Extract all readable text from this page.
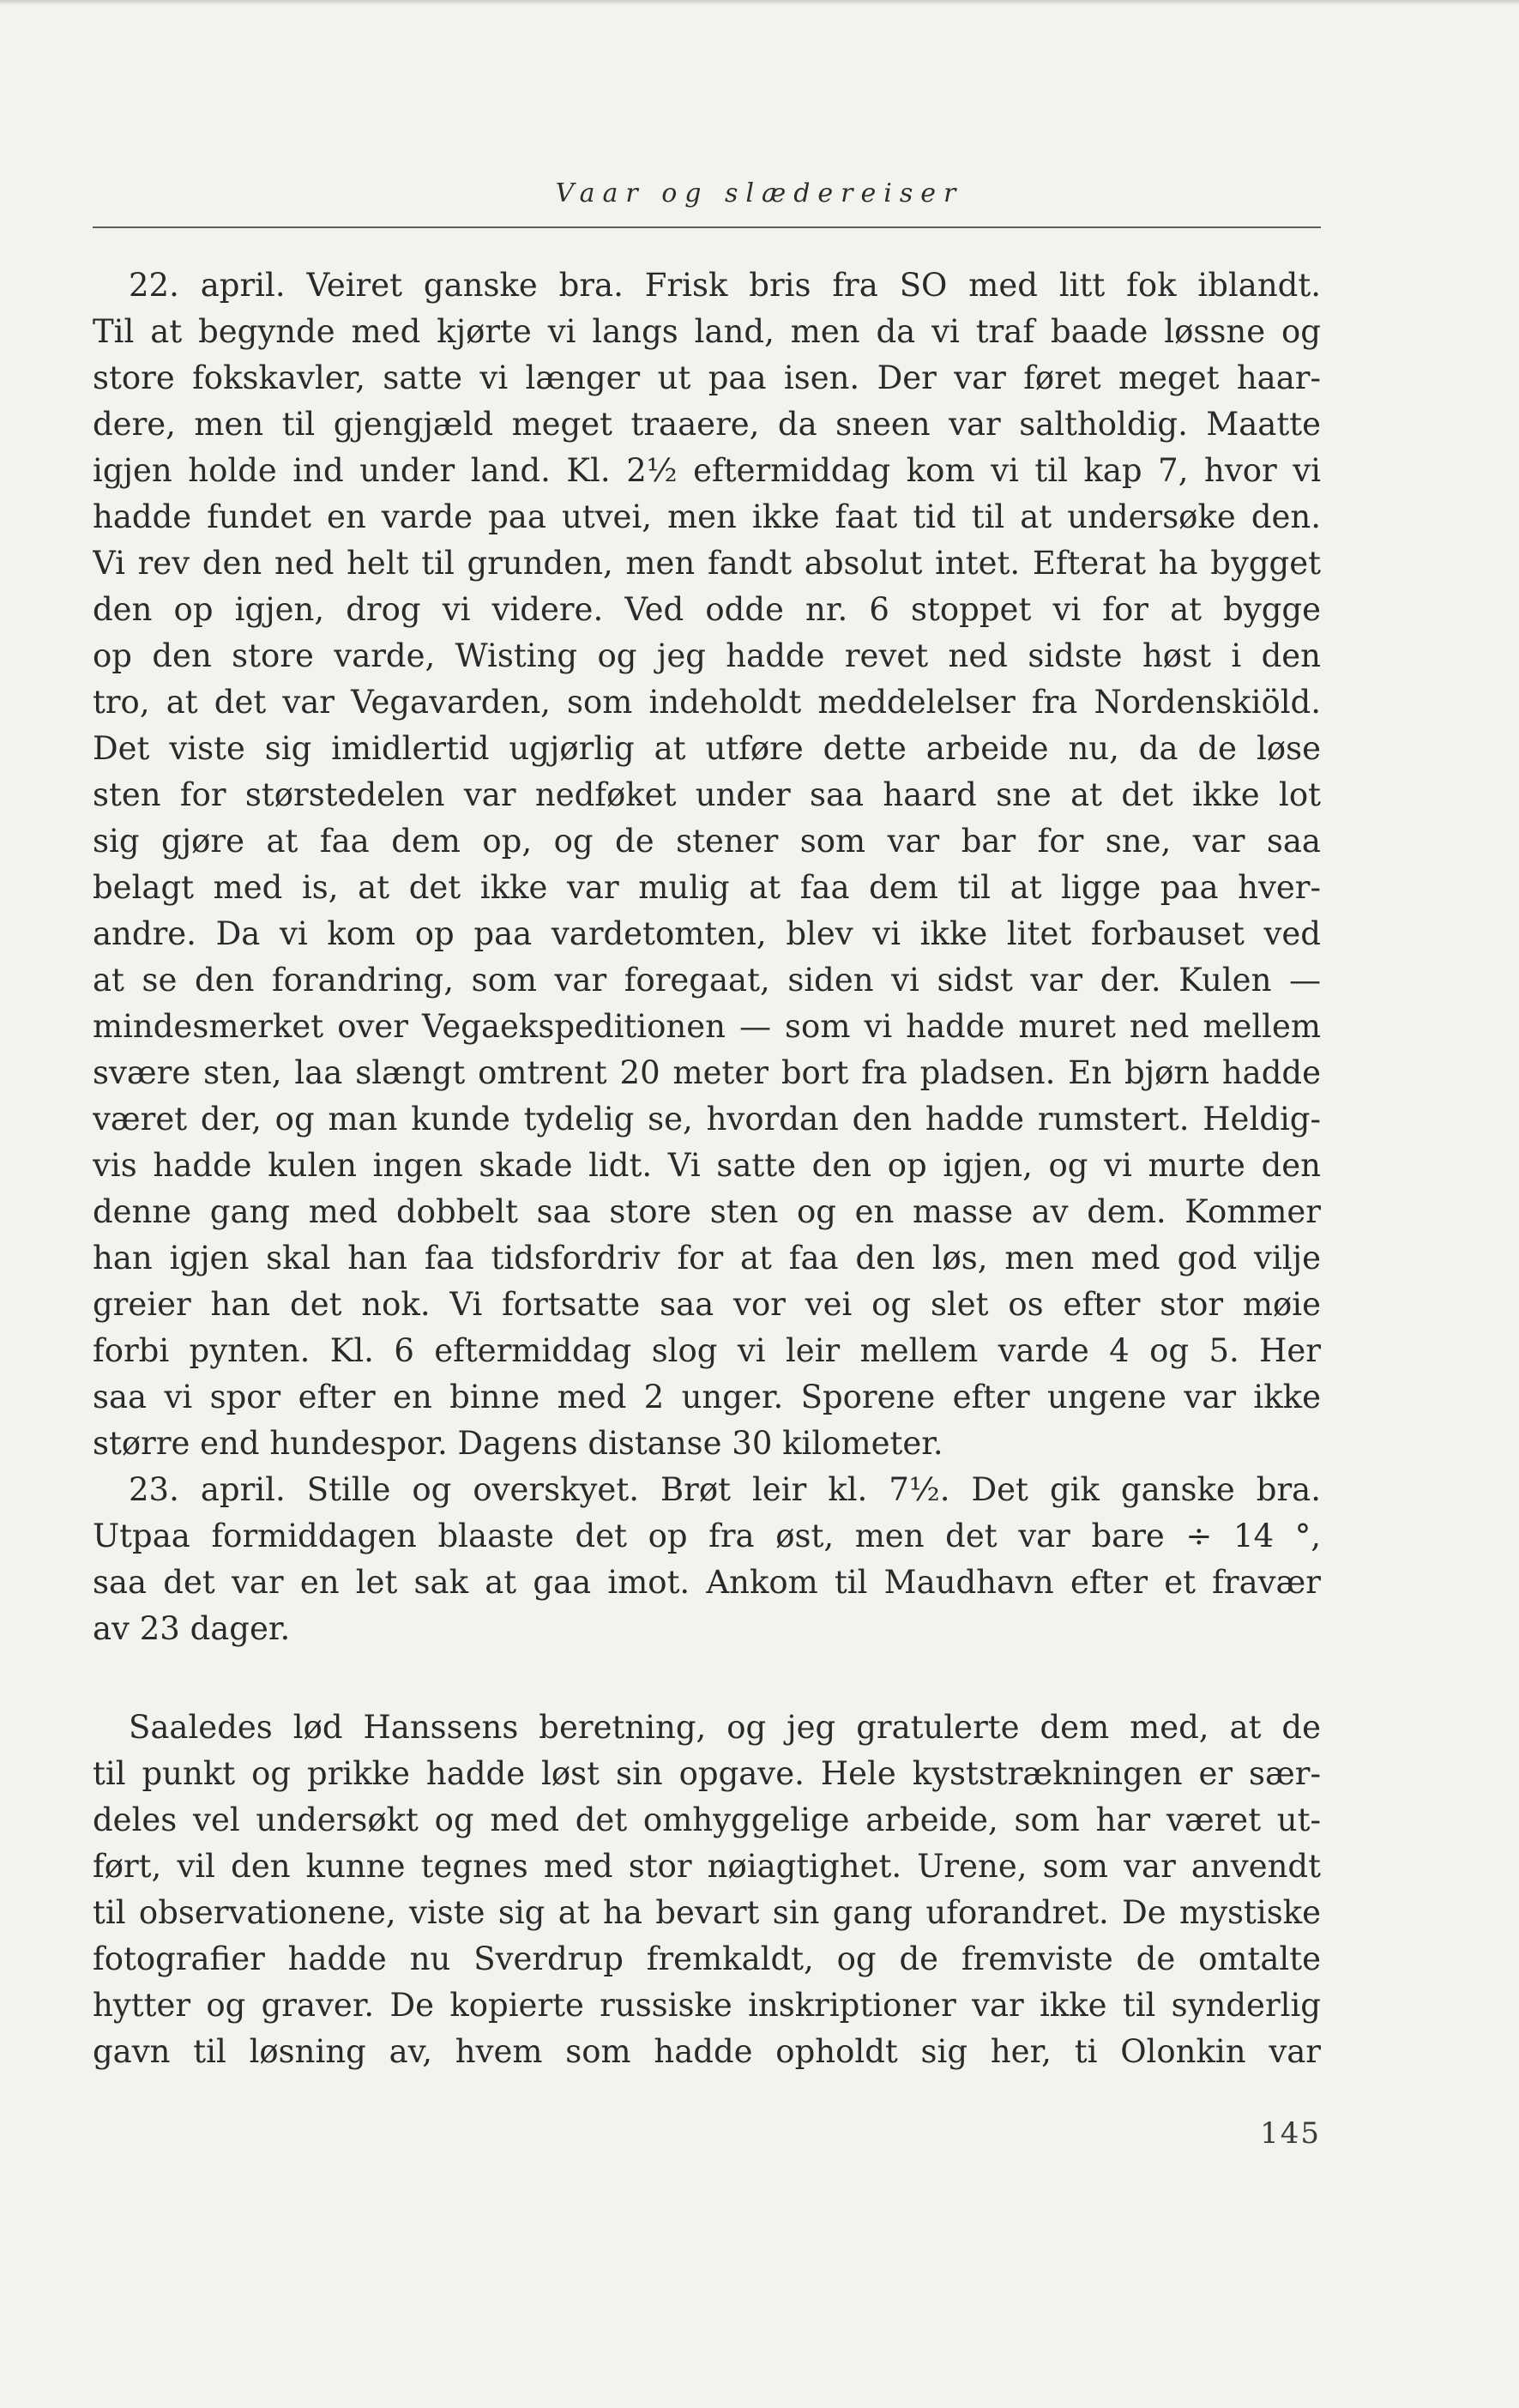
Vaar og slædereiser
22. april. Veiret ganske bra. Frisk bris fra SO med litt fok iblandt.
Til at begynde med kjørte vi langs land, men da vi traf baade løssne og
store fokskavler, satte vi længer ut paa isen. Der var føret meget haar-
dere, men til gjengjæld meget traaere, da sneen var saltholdig. Maatte
igjen holde ind under land. Kl. 2½ eftermiddag kom vi til kap 7, hvor vi
hadde fundet en varde paa utvei, men ikke faat tid til at undersøke den.
Vi rev den ned helt til grunden, men fandt absolut intet. Efterat ha bygget
den op igjen, drog vi videre. Ved odde nr. 6 stoppet vi for at bygge
op den store varde, Wisting og jeg hadde revet ned sidste høst i den
tro, at det var Vegavarden, som indeholdt meddelelser fra Nordenskiöld.
Det viste sig imidlertid ugjørlig at utføre dette arbeide nu, da de løse
sten for størstedelen var nedføket under saa haard sne at det ikke lot
sig gjøre at faa dem op, og de stener som var bar for sne, var saa
belagt med is, at det ikke var mulig at faa dem til at ligge paa hver-
andre. Da vi kom op paa vardetomten, blev vi ikke litet forbauset ved
at se den forandring, som var foregaat, siden vi sidst var der. Kulen —
mindesmerket over Vegaekspeditionen — som vi hadde muret ned mellem
svære sten, laa slængt omtrent 20 meter bort fra pladsen. En bjørn hadde
været der, og man kunde tydelig se, hvordan den hadde rumstert. Heldig-
vis hadde kulen ingen skade lidt. Vi satte den op igjen, og vi murte den
denne gang med dobbelt saa store sten og en masse av dem. Kommer
han igjen skal han faa tidsfordriv for at faa den løs, men med god vilje
greier han det nok. Vi fortsatte saa vor vei og slet os efter stor møie
forbi pynten. Kl. 6 eftermiddag slog vi leir mellem varde 4 og 5. Her
saa vi spor efter en binne med 2 unger. Sporene efter ungene var ikke
større end hundespor. Dagens distanse 30 kilometer.
23. april. Stille og overskyet. Brøt leir kl. 7½. Det gik ganske bra.
Utpaa formiddagen blaaste det op fra øst, men det var bare ÷ 14 °,
saa det var en let sak at gaa imot. Ankom til Maudhavn efter et fravær
av 23 dager.
Saaledes lød Hanssens beretning, og jeg gratulerte dem med, at de
til punkt og prikke hadde løst sin opgave. Hele kyststrækningen er sær-
deles vel undersøkt og med det omhyggelige arbeide, som har været ut-
ført, vil den kunne tegnes med stor nøiagtighet. Urene, som var anvendt
til observationene, viste sig at ha bevart sin gang uforandret. De mystiske
fotografier hadde nu Sverdrup fremkaldt, og de fremviste de omtalte
hytter og graver. De kopierte russiske inskriptioner var ikke til synderlig
gavn til løsning av, hvem som hadde opholdt sig her, ti Olonkin var
145
